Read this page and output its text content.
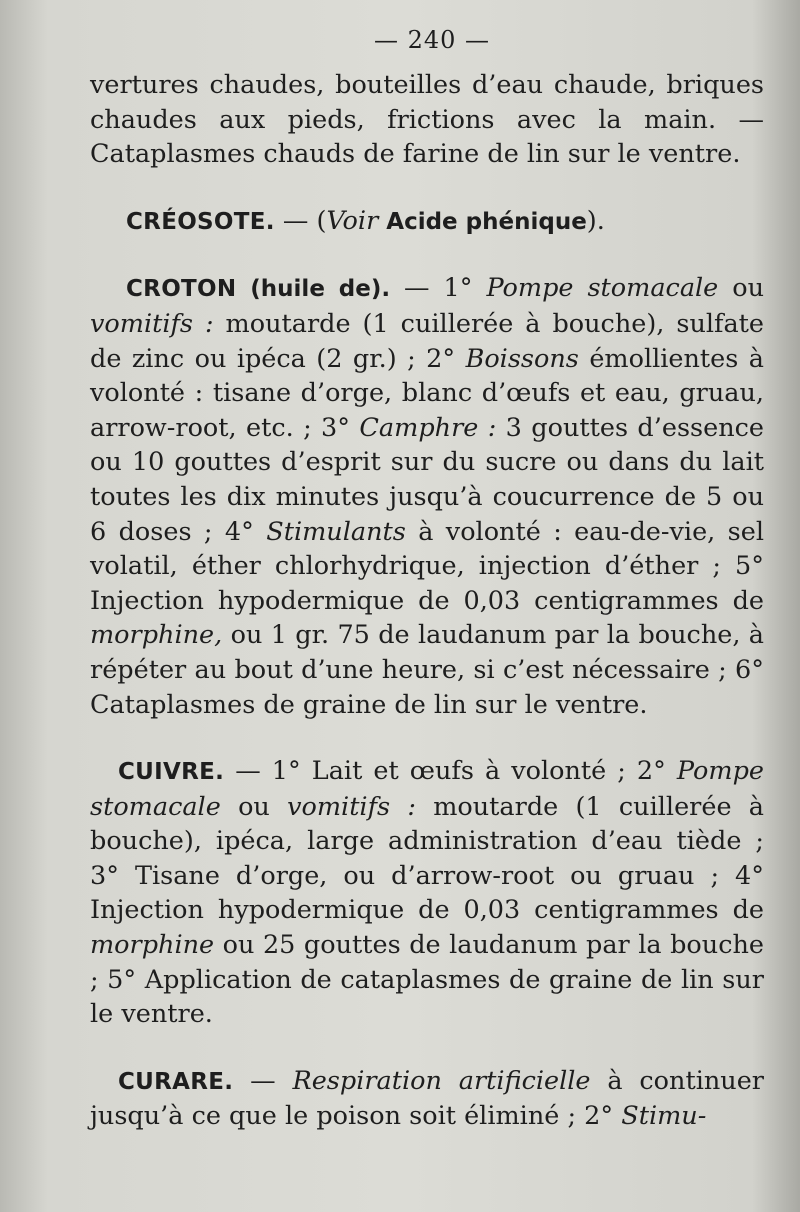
— 240 —

vertures chaudes, bouteilles d’eau chaude, briques chaudes aux pieds, frictions avec la main. — Cataplasmes chauds de farine de lin sur le ventre.

CRÉOSOTE. — (Voir Acide phénique).

CROTON (huile de). — 1° Pompe stomacale ou vomitifs : moutarde (1 cuillerée à bouche), sulfate de zinc ou ipéca (2 gr.) ; 2° Boissons émollientes à volonté : tisane d’orge, blanc d’œufs et eau, gruau, arrow-root, etc. ; 3° Camphre : 3 gouttes d’essence ou 10 gouttes d’esprit sur du sucre ou dans du lait toutes les dix minutes jusqu’à coucurrence de 5 ou 6 doses ; 4° Stimulants à volonté : eau-de-vie, sel volatil, éther chlorhydrique, injection d’éther ; 5° Injection hypodermique de 0,03 centigrammes de morphine, ou 1 gr. 75 de laudanum par la bouche, à répéter au bout d’une heure, si c’est nécessaire ; 6° Cataplasmes de graine de lin sur le ventre.

CUIVRE. — 1° Lait et œufs à volonté ; 2° Pompe stomacale ou vomitifs : moutarde (1 cuillerée à bouche), ipéca, large administration d’eau tiède ; 3° Tisane d’orge, ou d’arrow-root ou gruau ; 4° Injection hypodermique de 0,03 centigrammes de morphine ou 25 gouttes de laudanum par la bouche ; 5° Application de cataplasmes de graine de lin sur le ventre.

CURARE. — Respiration artificielle à continuer jusqu’à ce que le poison soit éliminé ; 2° Stimu-
